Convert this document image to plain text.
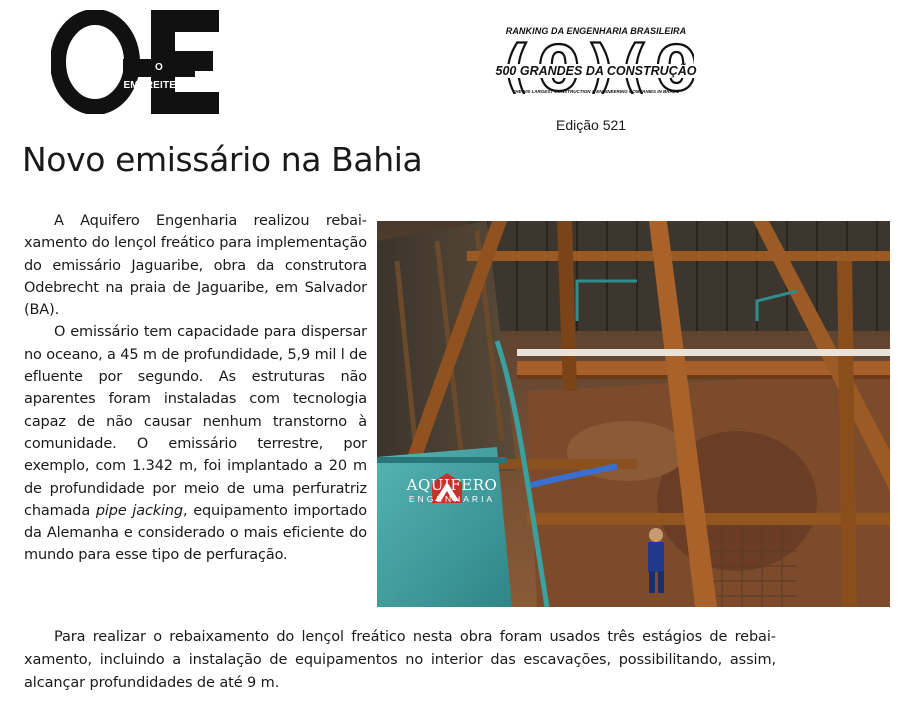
O EMPREITEIRO
RANKING DA ENGENHARIA BRASILEIRA
500 GRANDES DA CONSTRUÇÃO
THE 500 LARGEST CONSTRUCTION & ENGINEERING COMPANIES IN BRAZIL
Edição 521
Novo emissário na Bahia

A Aquifero Engenharia realizou rebaixamento do lençol freático para implementação do emissário Jaguaribe, obra da construtora Odebrecht na praia de Jaguaribe, em Salvador (BA).

O emissário tem capacidade para dispersar no oceano, a 45 m de profundidade, 5,9 mil l de efluente por segundo. As estruturas não aparentes foram instaladas com tecnologia capaz de não causar nenhum transtorno à comunidade. O emissário terrestre, por exemplo, com 1.342 m, foi implantado a 20 m de profundidade por meio de uma perfuratriz chamada pipe jacking, equipamento importado da Alemanha e considerado o mais eficiente do mundo para esse tipo de perfuração.

AQUIFERO
ENGENHARIA

Para realizar o rebaixamento do lençol freático nesta obra foram usados três estágios de rebaixamento, incluindo a instalação de equipamentos no interior das escavações, possibilitando, assim, alcançar profundidades de até 9 m.
